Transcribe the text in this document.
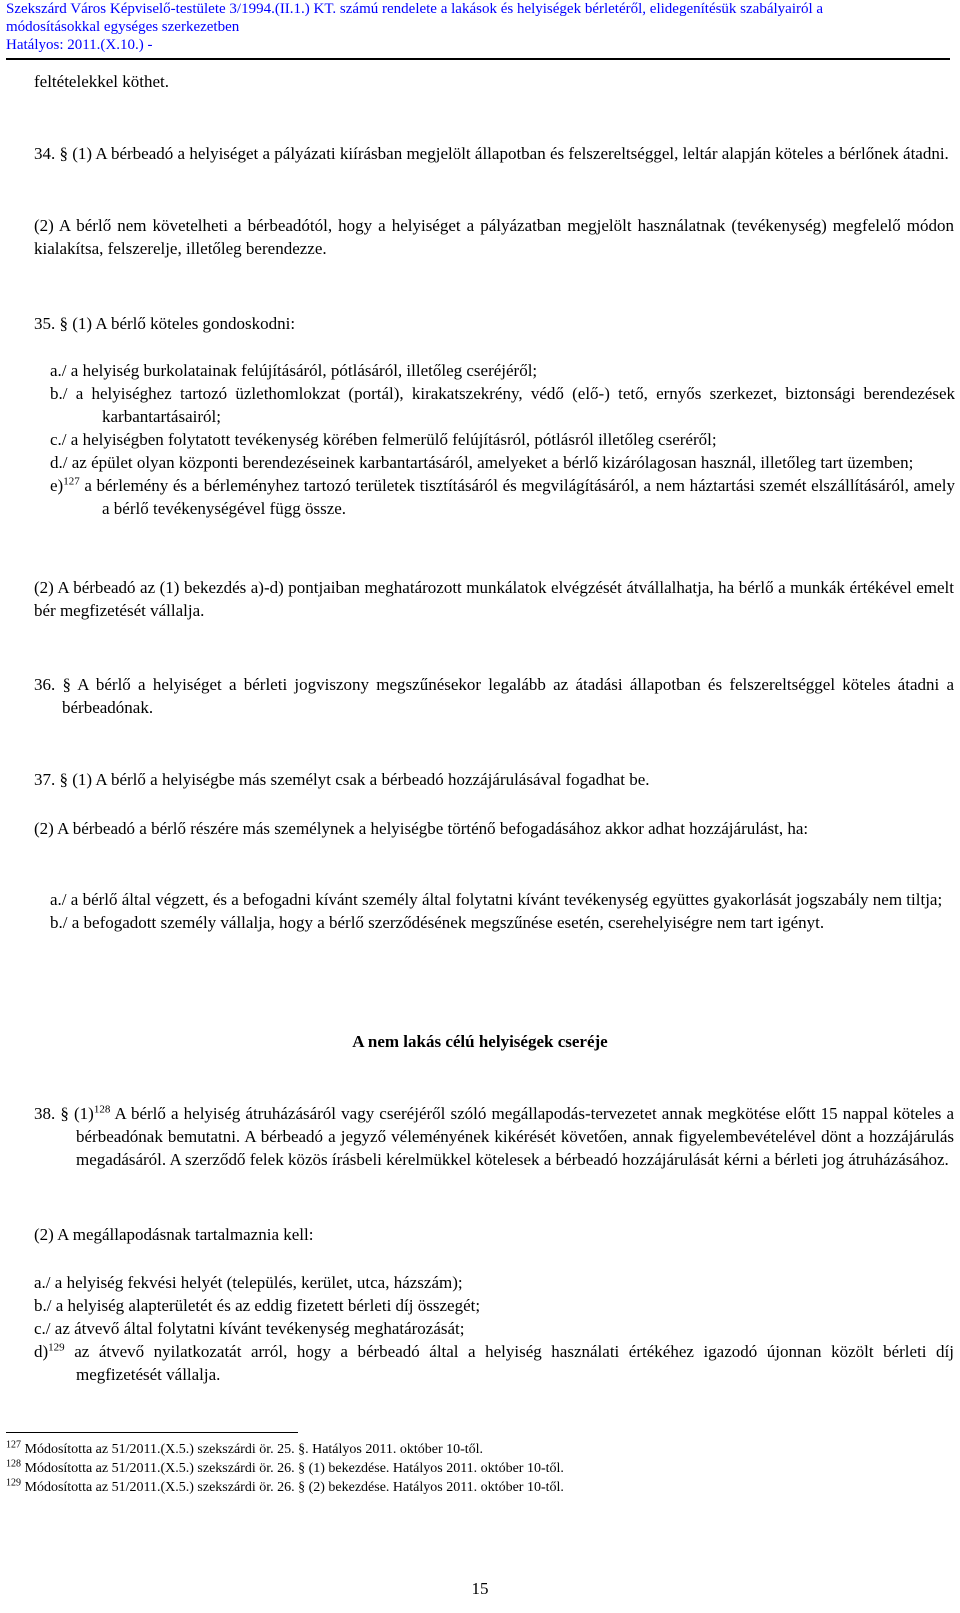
Szekszárd Város Képviselő-testülete 3/1994.(II.1.) KT. számú rendelete a lakások és helyiségek bérletéről, elidegenítésük szabályairól a
módosításokkal egységes szerkezetben
Hatályos: 2011.(X.10.) -

feltételekkel köthet.

34. § (1) A bérbeadó a helyiséget a pályázati kiírásban megjelölt állapotban és felszereltséggel, leltár alapján köteles a bérlőnek átadni.

(2) A bérlő nem követelheti a bérbeadótól, hogy a helyiséget a pályázatban megjelölt használatnak (tevékenység) megfelelő módon kialakítsa, felszerelje, illetőleg berendezze.

35. § (1) A bérlő köteles gondoskodni:

a./ a helyiség burkolatainak felújításáról, pótlásáról, illetőleg cseréjéről;
b./ a helyiséghez tartozó üzlethomlokzat (portál), kirakatszekrény, védő (elő-) tető, ernyős szerkezet, biztonsági berendezések karbantartásairól;
c./ a helyiségben folytatott tevékenység körében felmerülő felújításról, pótlásról illetőleg cseréről;
d./ az épület olyan központi berendezéseinek karbantartásáról, amelyeket a bérlő kizárólagosan használ, illetőleg tart üzemben;
e)$^{127}$ a bérlemény és a bérleményhez tartozó területek tisztításáról és megvilágításáról, a nem háztartási szemét elszállításáról, amely a bérlő tevékenységével függ össze.

(2) A bérbeadó az (1) bekezdés a)-d) pontjaiban meghatározott munkálatok elvégzését átvállalhatja, ha bérlő a munkák értékével emelt bér megfizetését vállalja.

36. § A bérlő a helyiséget a bérleti jogviszony megszűnésekor legalább az átadási állapotban és felszereltséggel köteles átadni a bérbeadónak.

37. § (1) A bérlő a helyiségbe más személyt csak a bérbeadó hozzájárulásával fogadhat be.

(2) A bérbeadó a bérlő részére más személynek a helyiségbe történő befogadásához akkor adhat hozzájárulást, ha:

a./ a bérlő által végzett, és a befogadni kívánt személy által folytatni kívánt tevékenység együttes gyakorlását jogszabály nem tiltja;
b./ a befogadott személy vállalja, hogy a bérlő szerződésének megszűnése esetén, cserehelyiségre nem tart igényt.
A nem lakás célú helyiségek cseréje

38. § $(1)^{128}$ A bérlő a helyiség átruházásáról vagy cseréjéről szóló megállapodás-tervezetet annak megkötése előtt 15 nappal köteles a bérbeadónak bemutatni. A bérbeadó a jegyző véleményének kikérését követően, annak figyelembevételével dönt a hozzájárulás megadásáról. A szerződő felek közös írásbeli kérelmükkel kötelesek a bérbeadó hozzájárulását kérni a bérleti jog átruházásához.

(2) A megállapodásnak tartalmaznia kell:

a./ a helyiség fekvési helyét (település, kerület, utca, házszám);
b./ a helyiség alapterületét és az eddig fizetett bérleti díj összegét;
c./ az átvevő által folytatni kívánt tevékenység meghatározását;
d)$^{129}$ az átvevő nyilatkozatát arról, hogy a bérbeadó által a helyiség használati értékéhez igazodó újonnan közölt bérleti díj megfizetését vállalja.
$^{127}$ Módosította az 51/2011.(X.5.) szekszárdi ör. 25. §. Hatályos 2011. október 10-től.
$^{128}$ Módosította az 51/2011.(X.5.) szekszárdi ör. 26. § (1) bekezdése. Hatályos 2011. október 10-től.
$^{129}$ Módosította az 51/2011.(X.5.) szekszárdi ör. 26. § (2) bekezdése. Hatályos 2011. október 10-től.
15
